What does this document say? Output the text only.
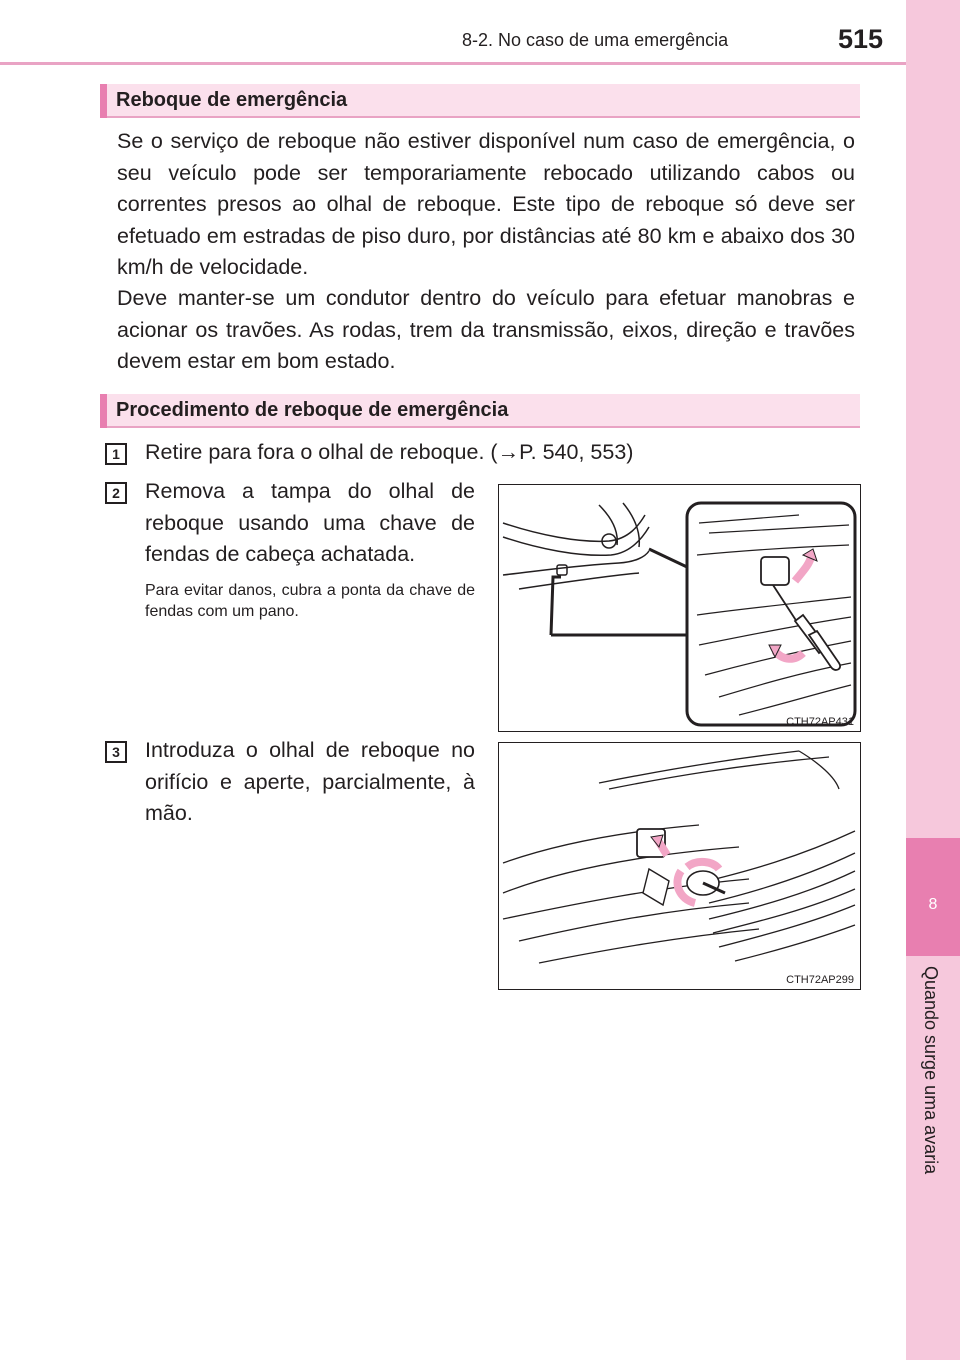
8-2. No caso de uma emergência	515
8
Quando surge uma avaria
Reboque de emergência

Se o serviço de reboque não estiver disponível num caso de emergência, o seu veículo pode ser temporariamente rebocado utilizando cabos ou correntes presos ao olhal de reboque. Este tipo de reboque só deve ser efetuado em estradas de piso duro, por distâncias até 80 km e abaixo dos 30 km/h de velocidade.

Deve manter-se um condutor dentro do veículo para efetuar manobras e acionar os travões. As rodas, trem da transmissão, eixos, direção e travões devem estar em bom estado.

Procedimento de reboque de emergência
1	Retire para fora o olhal de reboque. (→P. 540, 553)

2	Remova a tampa do olhal de reboque usando uma chave de fendas de cabeça achatada.

Para evitar danos, cubra a ponta da chave de fendas com um pano.

CTH72AP431
3	Introduza o olhal de reboque no orifício e aperte, parcialmente, à mão.

CTH72AP299
